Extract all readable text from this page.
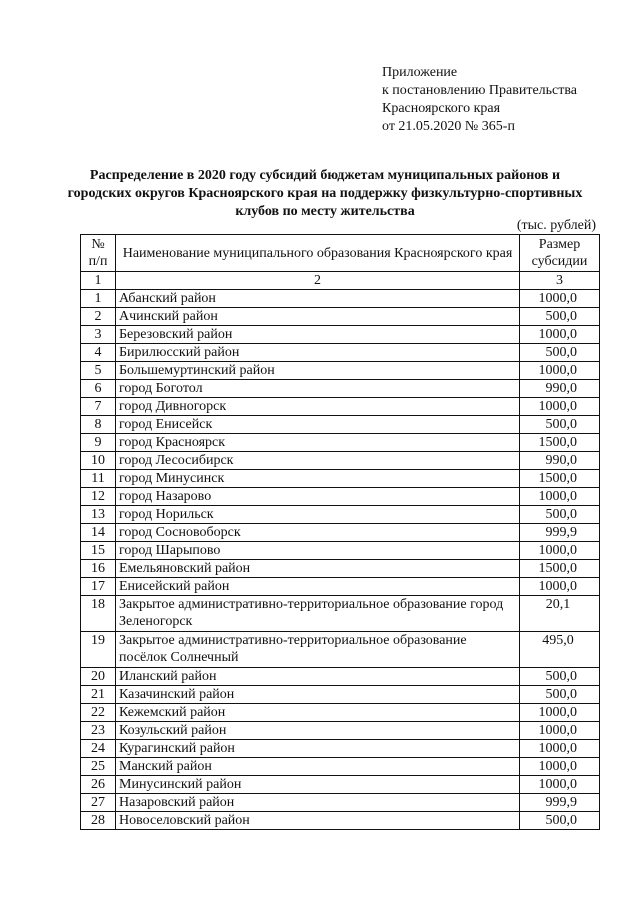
Приложение
к постановлению Правительства
Красноярского края
от 21.05.2020 № 365-п
Распределение в 2020 году субсидий бюджетам муниципальных районов и городских округов Красноярского края на поддержку физкультурно-спортивных клубов по месту жительства
(тыс. рублей)
№ п/п	Наименование муниципального образования Красноярского края	Размер субсидии
1	2	3
1	Абанский район	1000,0
2	Ачинский район	500,0
3	Березовский район	1000,0
4	Бирилюсский район	500,0
5	Большемуртинский район	1000,0
6	город Боготол	990,0
7	город Дивногорск	1000,0
8	город Енисейск	500,0
9	город Красноярск	1500,0
10	город Лесосибирск	990,0
11	город Минусинск	1500,0
12	город Назарово	1000,0
13	город Норильск	500,0
14	город Сосновоборск	999,9
15	город Шарыпово	1000,0
16	Емельяновский район	1500,0
17	Енисейский район	1000,0
18	Закрытое административно-территориальное образование город Зеленогорск	20,1
19	Закрытое административно-территориальное образование посёлок Солнечный	495,0
20	Иланский район	500,0
21	Казачинский район	500,0
22	Кежемский район	1000,0
23	Козульский район	1000,0
24	Курагинский район	1000,0
25	Манский район	1000,0
26	Минусинский район	1000,0
27	Назаровский район	999,9
28	Новоселовский район	500,0
